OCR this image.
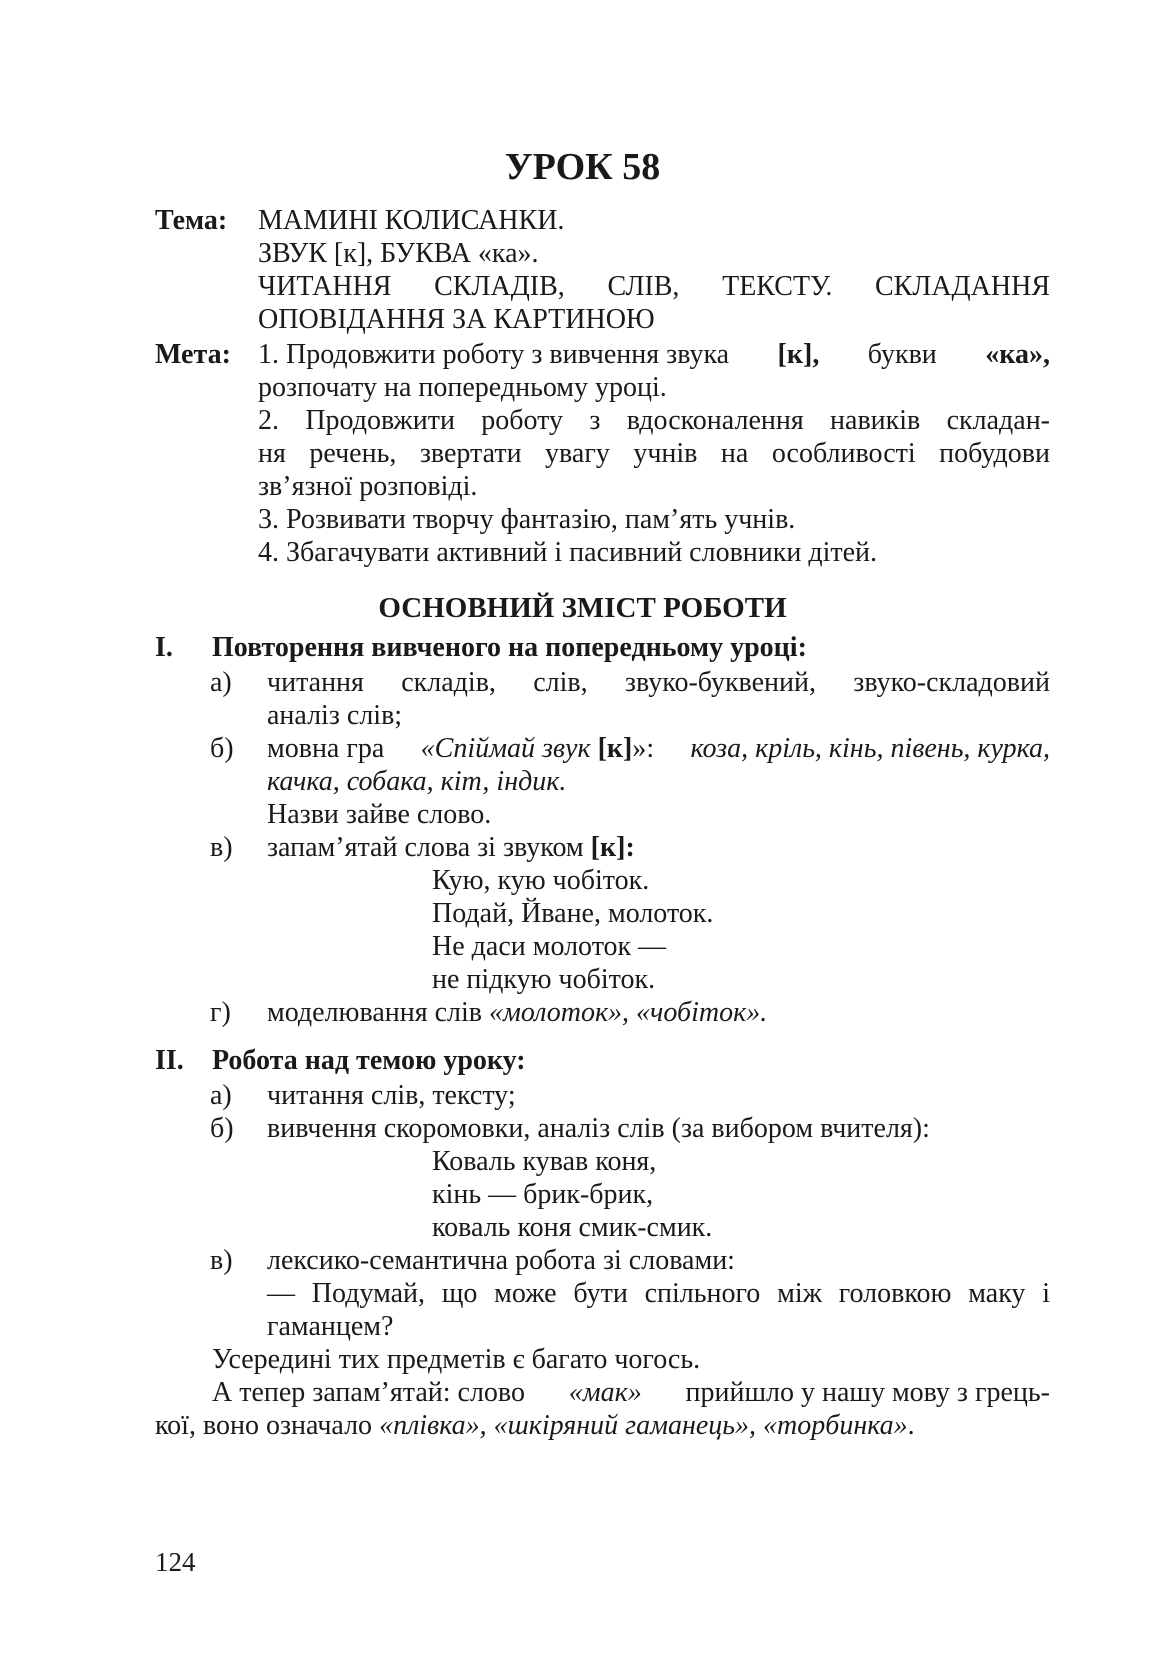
УРОК 58
Тема: МАМИНІ КОЛИСАНКИ.
ЗВУК [к], БУКВА «ка».
ЧИТАННЯ СКЛАДІВ, СЛІВ, ТЕКСТУ. СКЛАДАННЯ
ОПОВІДАННЯ ЗА КАРТИНОЮ
Мета: 1. Продовжити роботу з вивчення звука [к], букви «ка»,
розпочату на попередньому уроці.
2. Продовжити роботу з вдосконалення навиків складан-
ня речень, звертати увагу учнів на особливості побудови
зв’язної розповіді.
3. Розвивати творчу фантазію, пам’ять учнів.
4. Збагачувати активний і пасивний словники дітей.
ОСНОВНИЙ ЗМІСТ РОБОТИ
I. Повторення вивченого на попередньому уроці:
а) читання складів, слів, звуко-буквений, звуко-складовий
аналіз слів;
б) мовна гра «Спіймай звук [к]»: коза, кріль, кінь, півень, курка,
качка, собака, кіт, індик.
Назви зайве слово.
в) запам’ятай слова зі звуком [к]:
Кую, кую чобіток.
Подай, Йване, молоток.
Не даси молоток —
не підкую чобіток.
г) моделювання слів «молоток», «чобіток».
II. Робота над темою уроку:
а) читання слів, тексту;
б) вивчення скоромовки, аналіз слів (за вибором вчителя):
Коваль кував коня,
кінь — брик-брик,
коваль коня смик-смик.
в) лексико-семантична робота зі словами:
— Подумай, що може бути спільного між головкою маку і
гаманцем?
Усередині тих предметів є багато чогось.
А тепер запам’ятай: слово «мак» прийшло у нашу мову з грець-
кої, воно означало «плівка», «шкіряний гаманець», «торбинка».
124
